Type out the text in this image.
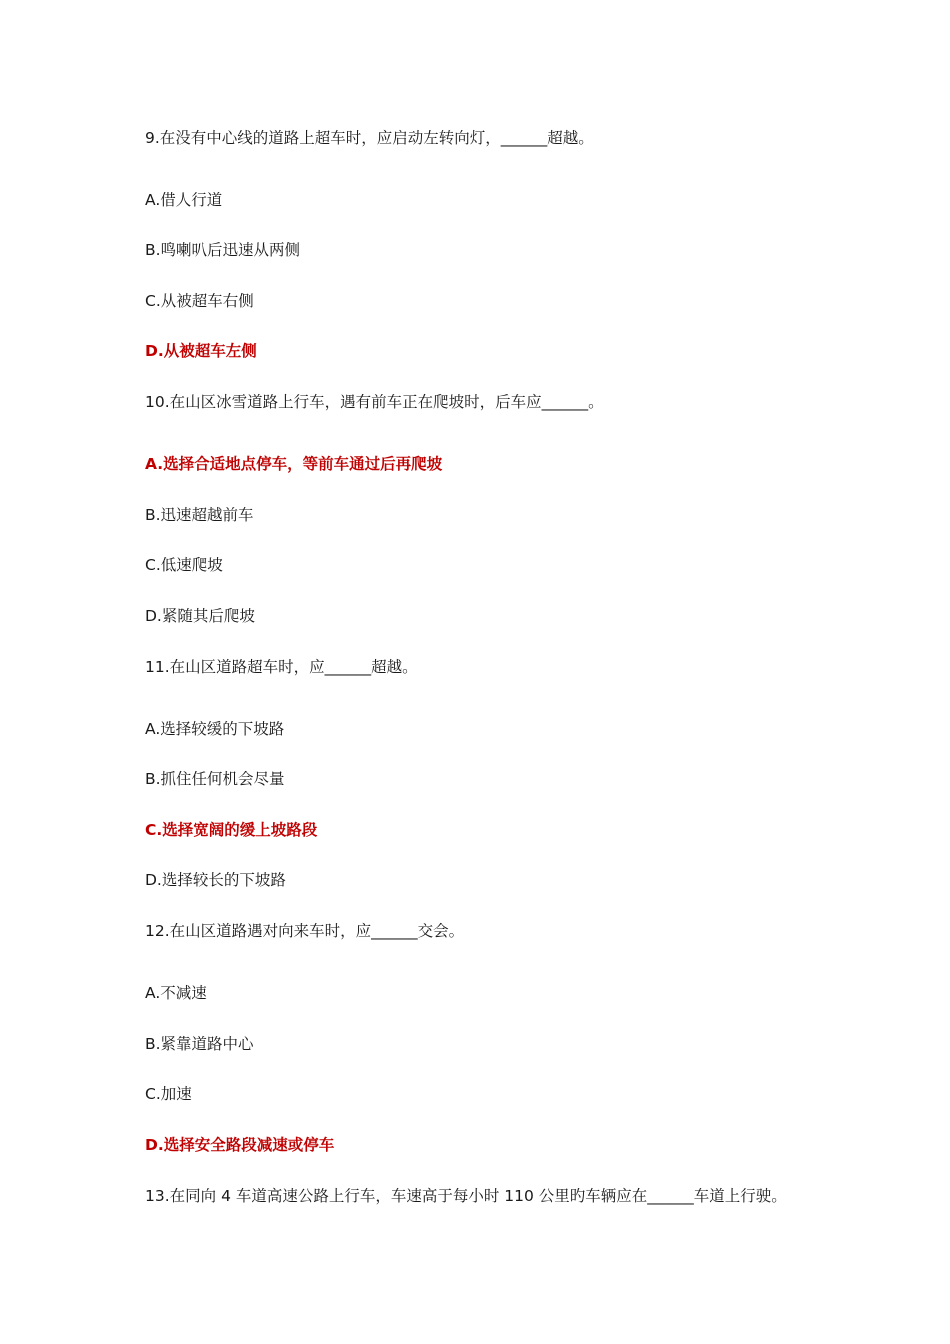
9.在没有中心线的道路上超车时，应启动左转向灯，______超越。
A.借人行道
B.鸣喇叭后迅速从两侧
C.从被超车右侧
D.从被超车左侧
10.在山区冰雪道路上行车，遇有前车正在爬坡时，后车应______。
A.选择合适地点停车，等前车通过后再爬坡
B.迅速超越前车
C.低速爬坡
D.紧随其后爬坡
11.在山区道路超车时，应______超越。
A.选择较缓的下坡路
B.抓住任何机会尽量
C.选择宽阔的缓上坡路段
D.选择较长的下坡路
12.在山区道路遇对向来车时，应______交会。
A.不减速
B.紧靠道路中心
C.加速
D.选择安全路段减速或停车
13.在同向 4 车道高速公路上行车，车速高于每小时 110 公里旳车辆应在______车道上行驶。
